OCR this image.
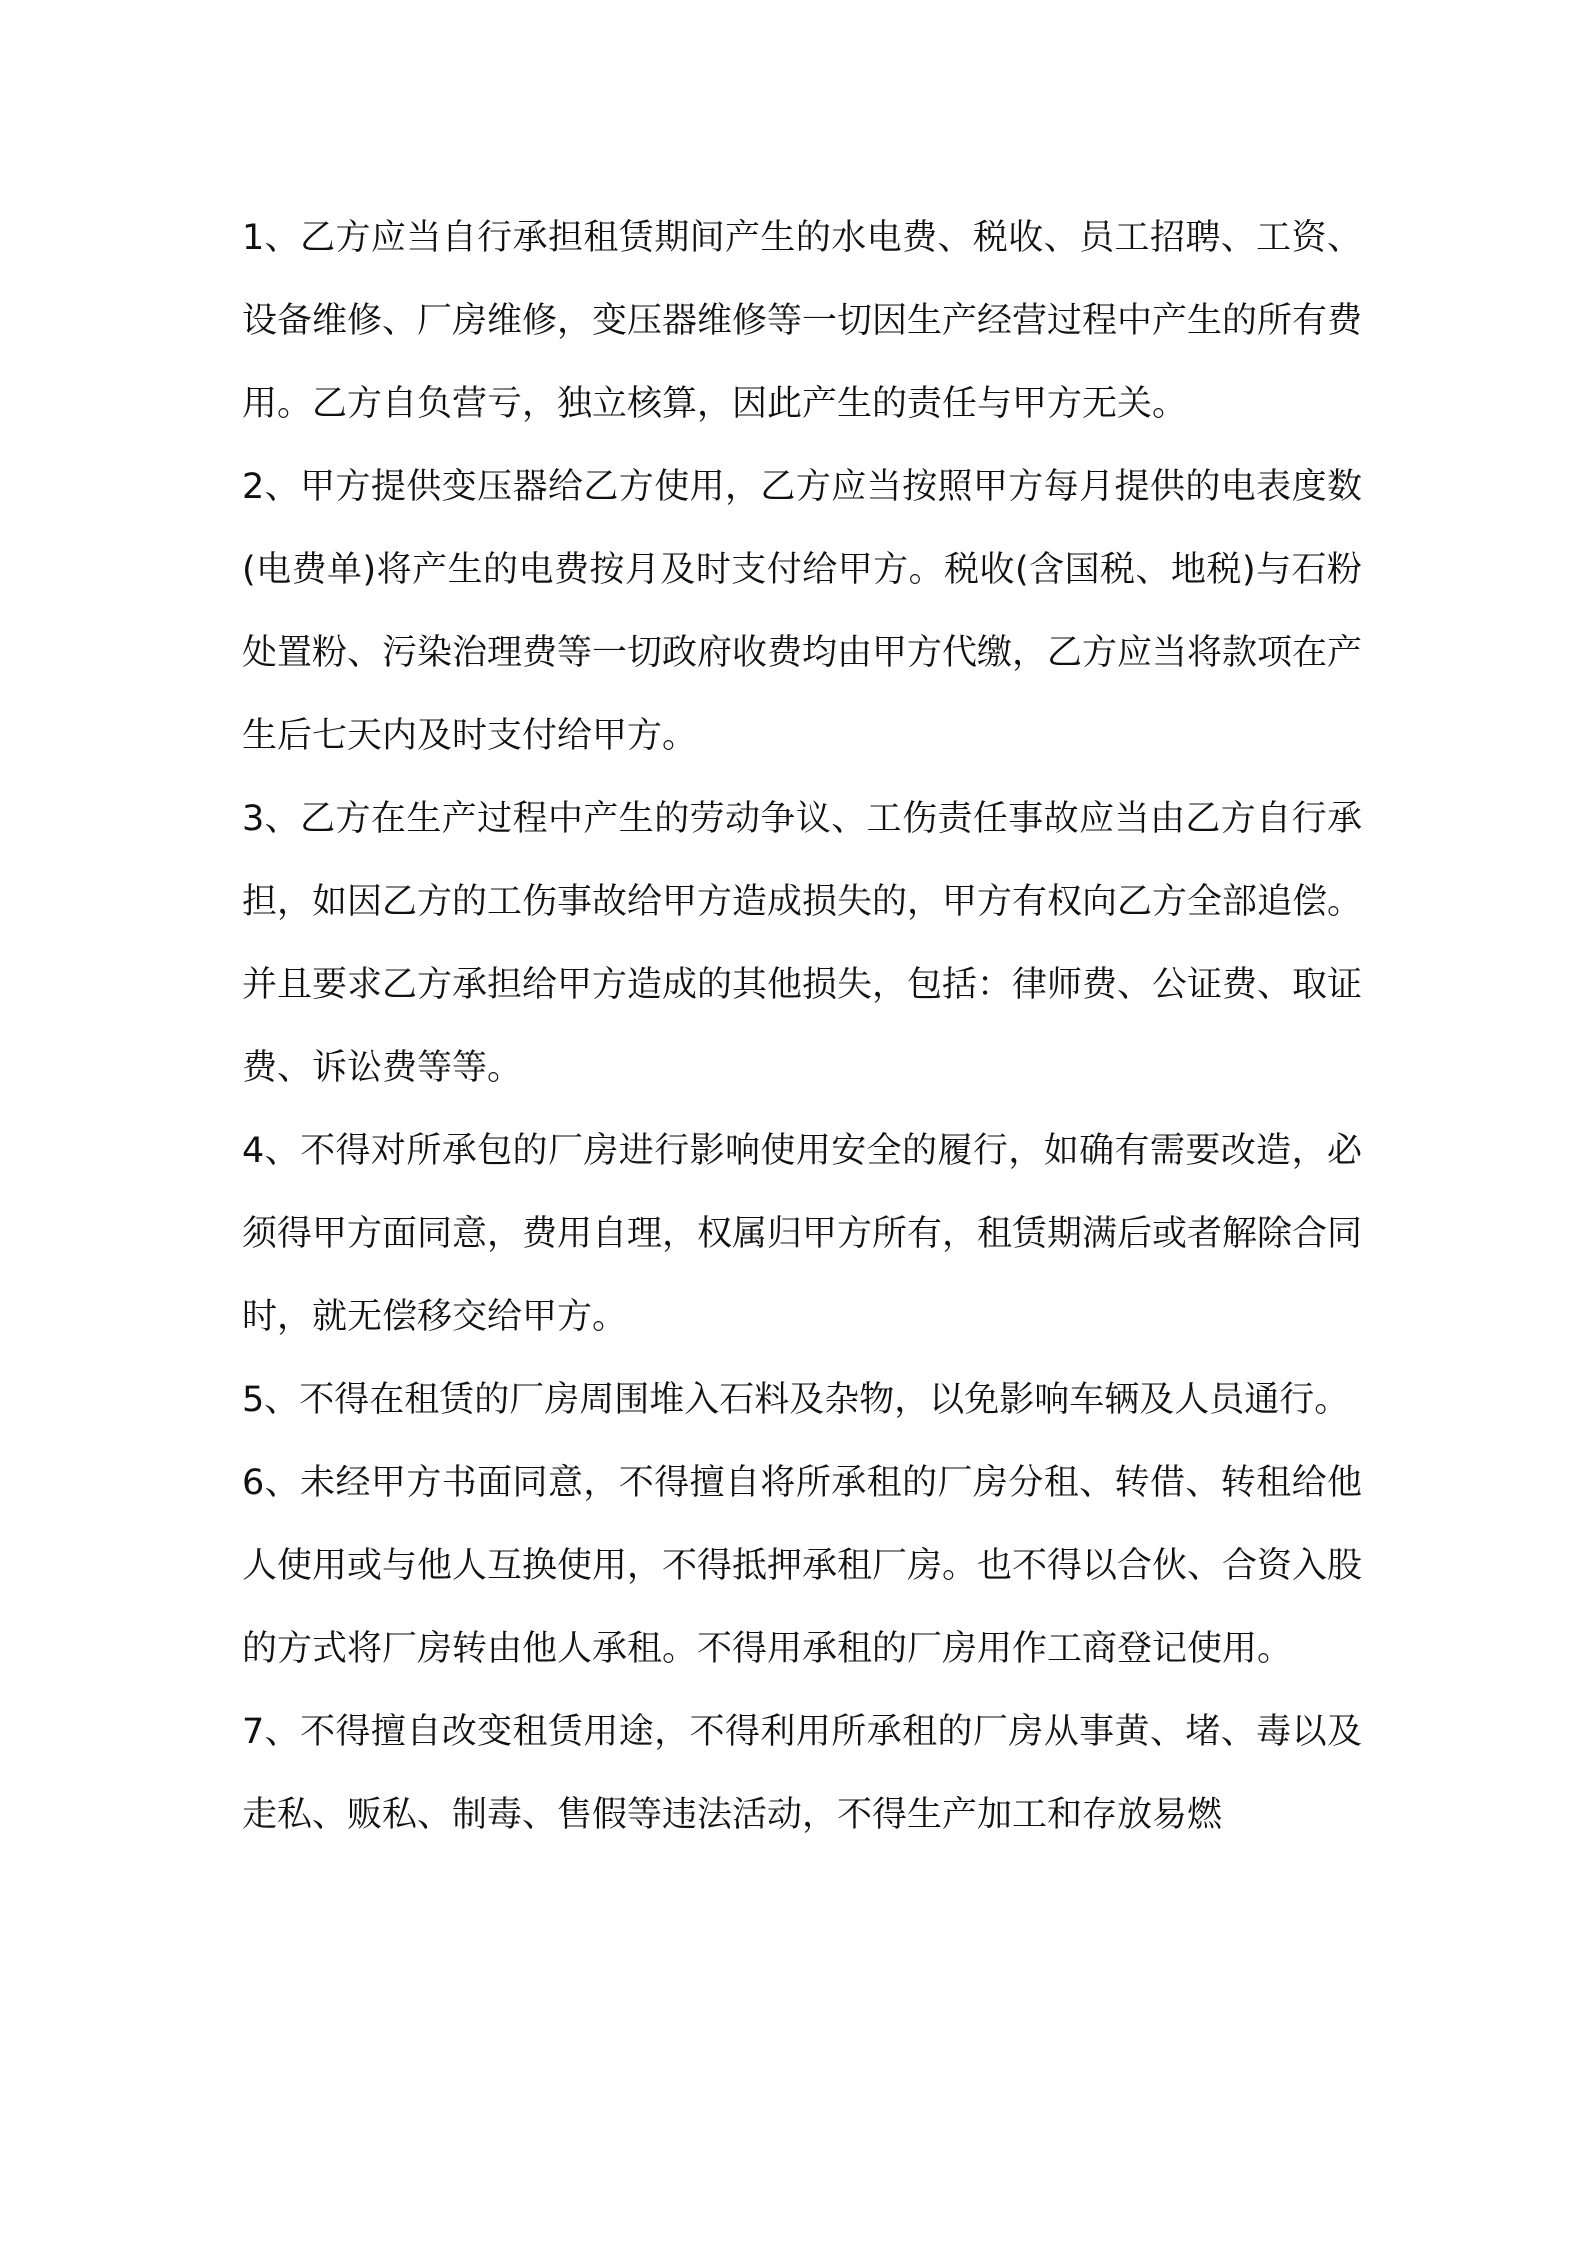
1、乙方应当自行承担租赁期间产生的水电费、税收、员工招聘、工资、设备维修、厂房维修，变压器维修等一切因生产经营过程中产生的所有费用。乙方自负营亏，独立核算，因此产生的责任与甲方无关。

2、甲方提供变压器给乙方使用，乙方应当按照甲方每月提供的电表度数(电费单)将产生的电费按月及时支付给甲方。税收(含国税、地税)与石粉处置粉、污染治理费等一切政府收费均由甲方代缴，乙方应当将款项在产生后七天内及时支付给甲方。

3、乙方在生产过程中产生的劳动争议、工伤责任事故应当由乙方自行承担，如因乙方的工伤事故给甲方造成损失的，甲方有权向乙方全部追偿。并且要求乙方承担给甲方造成的其他损失，包括：律师费、公证费、取证费、诉讼费等等。

4、不得对所承包的厂房进行影响使用安全的履行，如确有需要改造，必须得甲方面同意，费用自理，权属归甲方所有，租赁期满后或者解除合同时，就无偿移交给甲方。

5、不得在租赁的厂房周围堆入石料及杂物，以免影响车辆及人员通行。

6、未经甲方书面同意，不得擅自将所承租的厂房分租、转借、转租给他人使用或与他人互换使用，不得抵押承租厂房。也不得以合伙、合资入股的方式将厂房转由他人承租。不得用承租的厂房用作工商登记使用。

7、不得擅自改变租赁用途，不得利用所承租的厂房从事黄、堵、毒以及走私、贩私、制毒、售假等违法活动，不得生产加工和存放易燃
